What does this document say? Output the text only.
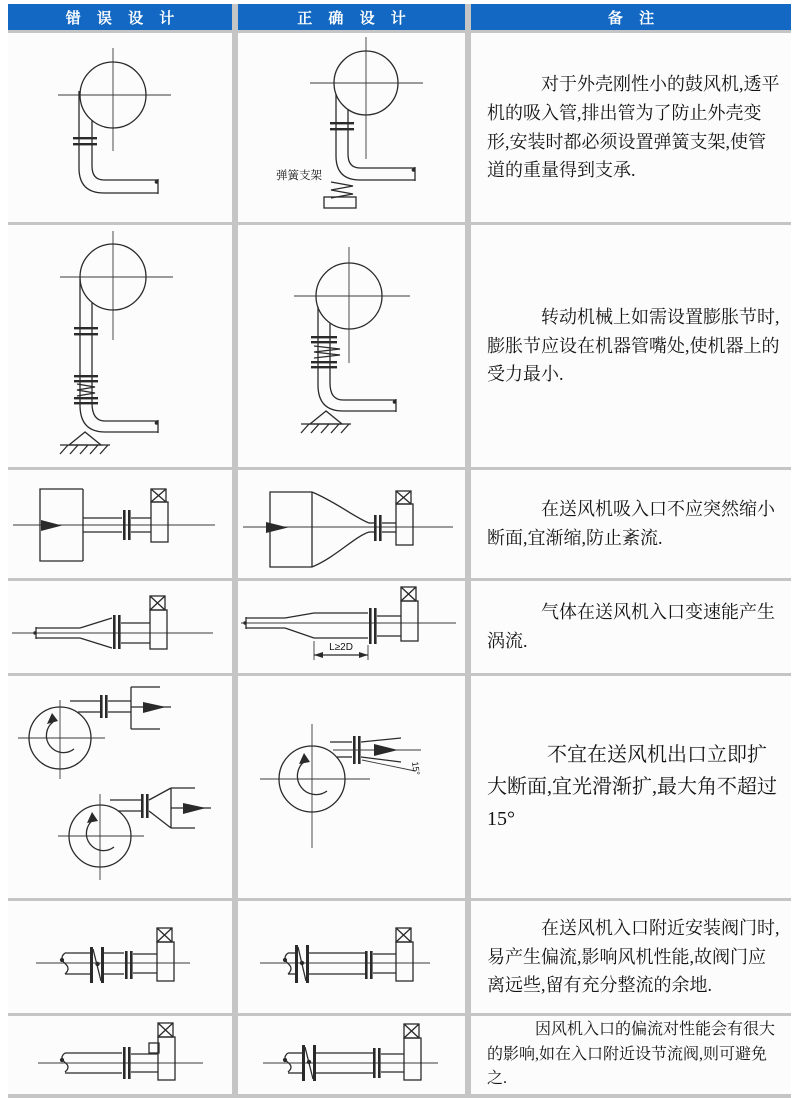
错 误 设 计	正 确 设 计	备 注
弹簧支架

对于外壳刚性小的鼓风机,透平机的吸入管,排出管为了防止外壳变形,安装时都必须设置弹簧支架,使管道的重量得到支承.

转动机械上如需设置膨胀节时,膨胀节应设在机器管嘴处,使机器上的受力最小.

在送风机吸入口不应突然缩小断面,宜渐缩,防止紊流.

L≥2D

气体在送风机入口变速能产生涡流.

15°

不宜在送风机出口立即扩大断面,宜光滑渐扩,最大角不超过15°

在送风机入口附近安装阀门时,易产生偏流,影响风机性能,故阀门应离远些,留有充分整流的余地.

因风机入口的偏流对性能会有很大的影响,如在入口附近设节流阀,则可避免之.
